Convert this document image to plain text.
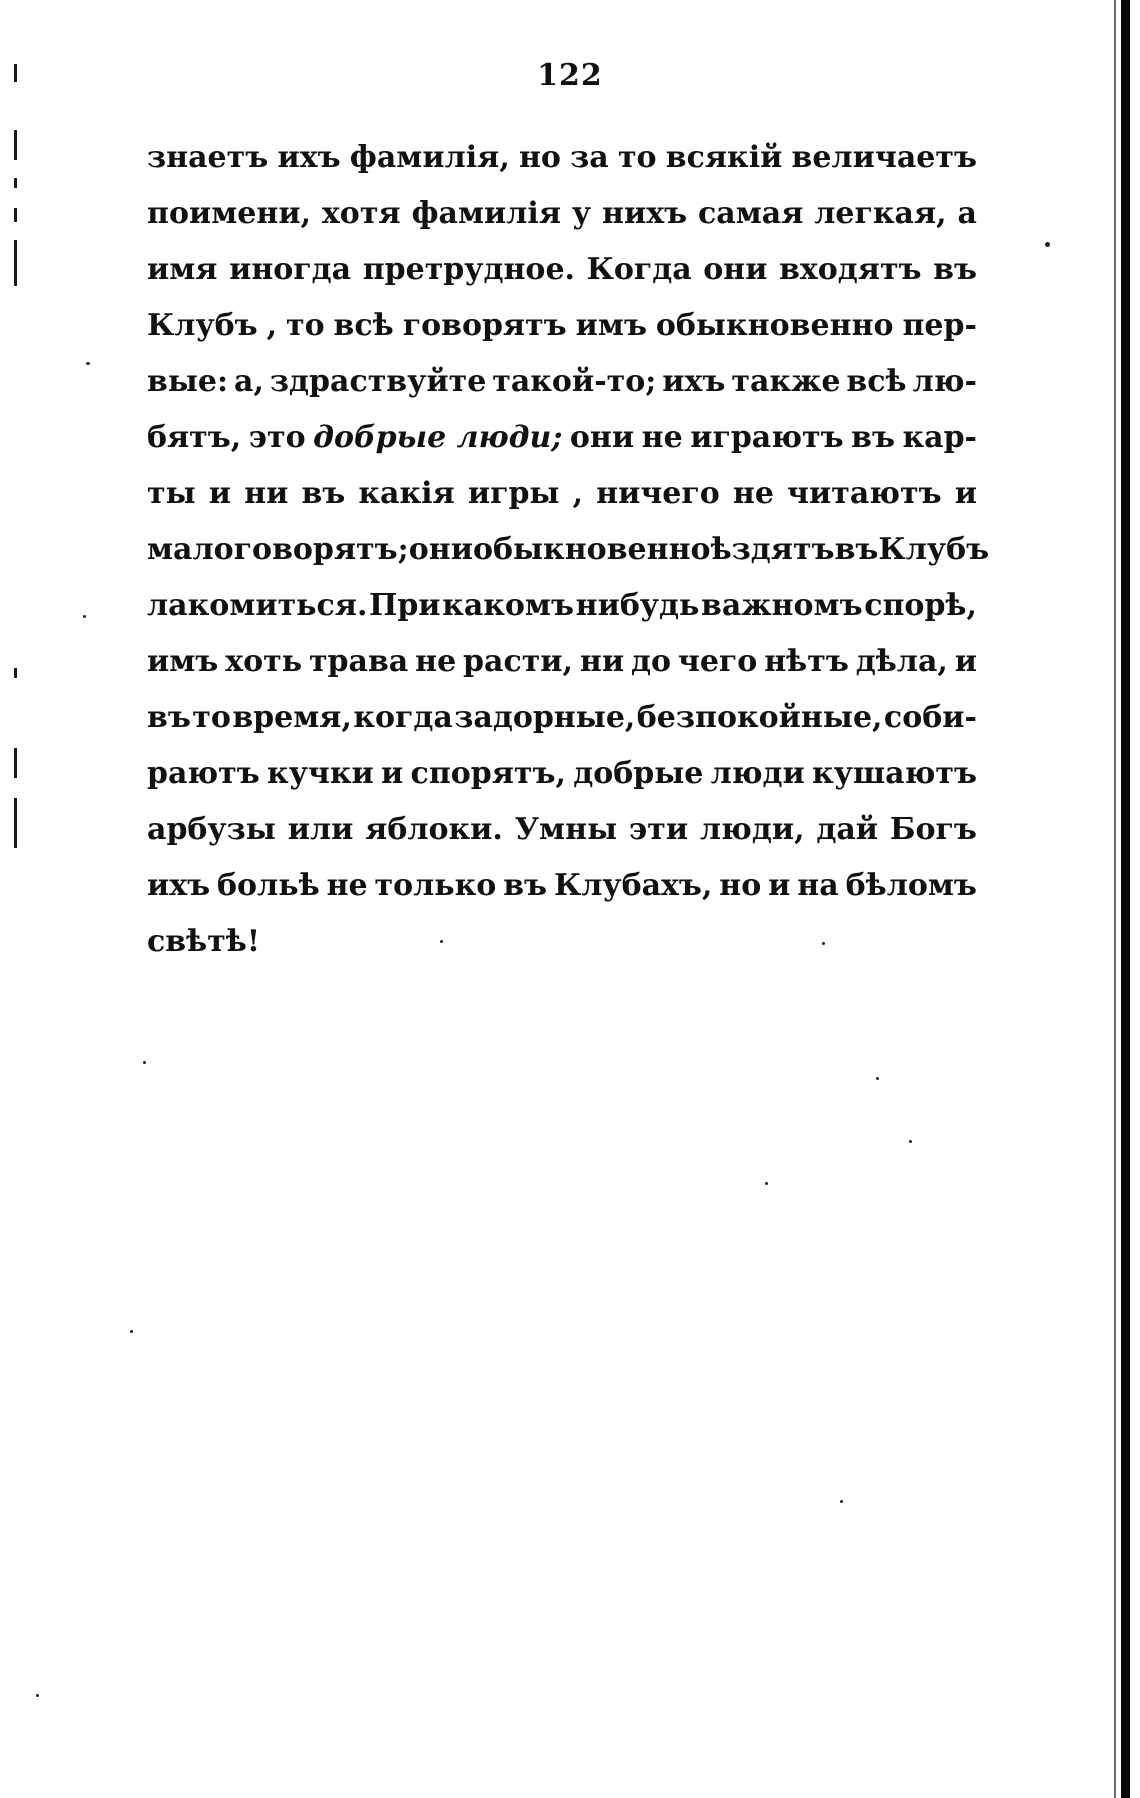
122
знаетъ ихъ фамилія, но за то всякій величаетъ
поимени, хотя фамилія у нихъ самая легкая, а
имя иногда претрудное. Когда они входятъ въ
Клубъ , то всѣ говорятъ имъ обыкновенно пер-
вые: а, здраствуйте такой-то; ихъ также всѣ лю-
бятъ, это добрые люди; они не играютъ въ кар-
ты и ни въ какія игры , ничего не читаютъ и
мало говорятъ; они обыкновенно ѣздятъ въ Клубъ
лакомиться. При какомъ нибудь важномъ спорѣ,
имъ хоть трава не расти, ни до чего нѣтъ дѣла, и
въ то время, когда задорные, безпокойные, соби-
раютъ кучки и спорятъ, добрые люди кушаютъ
арбузы или яблоки. Умны эти люди, дай Богъ
ихъ больѣ не только въ Клубахъ, но и на бѣломъ
свѣтѣ!
